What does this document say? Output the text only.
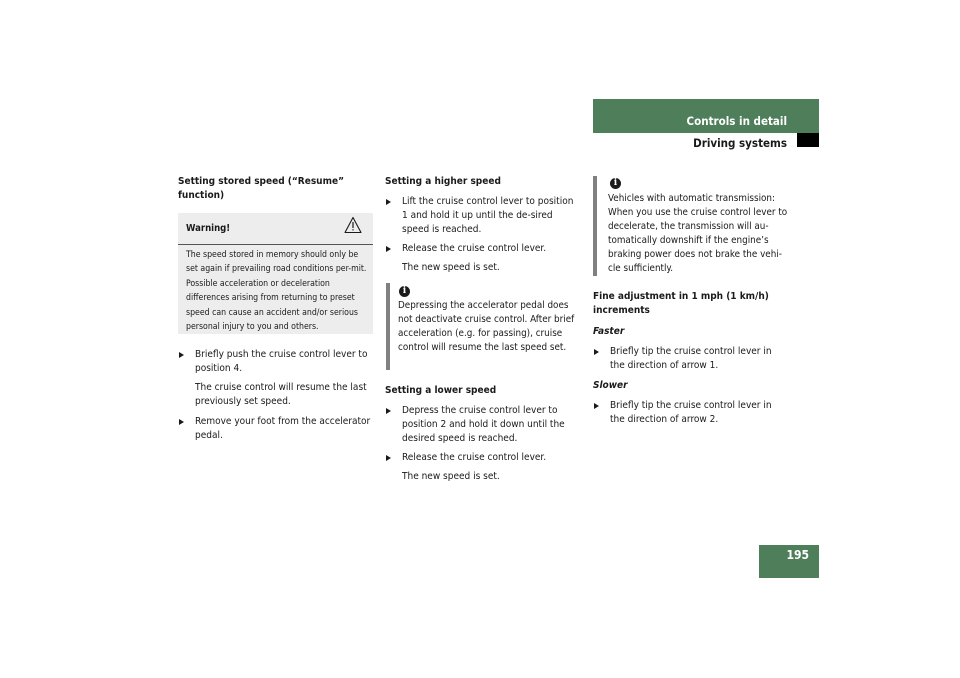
Controls in detail
Driving systems
Setting stored speed (“Resume” function)
Warning!
The speed stored in memory should only be set again if prevailing road conditions per-mit. Possible acceleration or deceleration differences arising from returning to preset speed can cause an accident and/or serious personal injury to you and others.
Briefly push the cruise control lever to position 4.
The cruise control will resume the last previously set speed.
Remove your foot from the accelerator pedal.
Setting a higher speed
Lift the cruise control lever to position 1 and hold it up until the de-sired speed is reached.
Release the cruise control lever.
The new speed is set.
i
Depressing the accelerator pedal does not deactivate cruise control. After brief acceleration (e.g. for passing), cruise control will resume the last speed set.
Setting a lower speed
Depress the cruise control lever to position 2 and hold it down until the desired speed is reached.
Release the cruise control lever.
The new speed is set.
i
Vehicles with automatic transmission: When you use the cruise control lever to decelerate, the transmission will au-tomatically downshift if the engine’s braking power does not brake the vehi-cle sufficiently.
Fine adjustment in 1 mph (1 km/h) increments
Faster
Briefly tip the cruise control lever in the direction of arrow 1.
Slower
Briefly tip the cruise control lever in the direction of arrow 2.
195
